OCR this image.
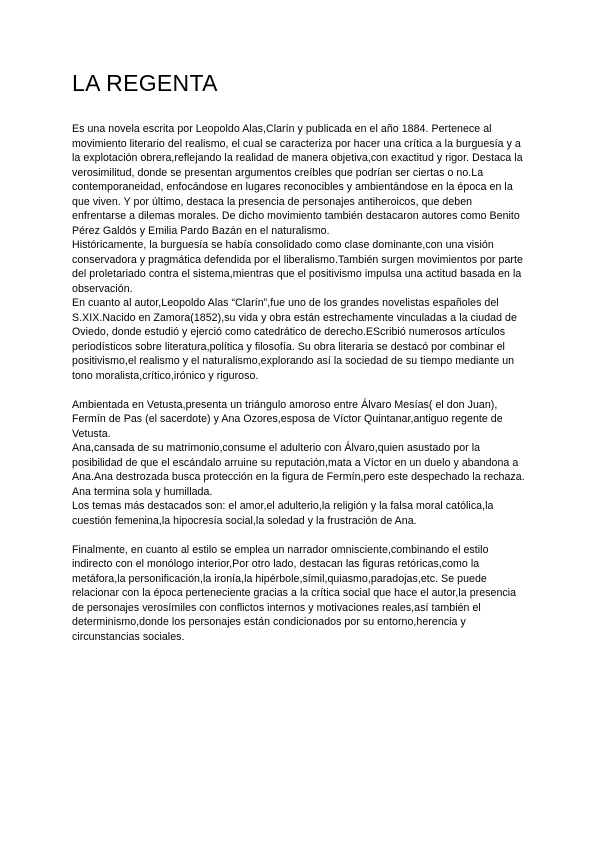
LA REGENTA

Es una novela escrita por Leopoldo Alas,Clarín y publicada en el año 1884. Pertenece al movimiento literario del realismo, el cual se caracteriza por hacer una crítica a la burguesía y a la explotación obrera,reflejando la realidad de manera objetiva,con exactitud y rigor. Destaca la verosimilitud, donde se presentan argumentos creíbles que podrían ser ciertas o no.La contemporaneidad, enfocándose en lugares reconocibles y ambientándose en la época en la que viven. Y por último, destaca la presencia de personajes antiheroicos, que deben enfrentarse a dilemas morales. De dicho movimiento también destacaron autores como Benito Pérez Galdós y Emilia Pardo Bazán en el naturalismo.

Históricamente, la burguesía se había consolidado como clase dominante,con una visión conservadora y pragmática defendida por el liberalismo.También surgen movimientos por parte del proletariado contra el sistema,mientras que el positivismo impulsa una actitud basada en la observación.

En cuanto al autor,Leopoldo Alas “Clarín”,fue uno de los grandes novelistas españoles del S.XIX.Nacido en Zamora(1852),su vida y obra están estrechamente vinculadas a la ciudad de Oviedo, donde estudió y ejerció como catedrático de derecho.EScribió numerosos artículos periodísticos sobre literatura,política y filosofía. Su obra literaria se destacó por combinar el positivismo,el realismo y el naturalismo,explorando así la sociedad de su tiempo mediante un tono moralista,crítico,irónico y riguroso.

Ambientada en Vetusta,presenta un triángulo amoroso entre Álvaro Mesías( el don Juan), Fermín de Pas (el sacerdote) y Ana Ozores,esposa de Víctor Quintanar,antiguo regente de Vetusta.

Ana,cansada de su matrimonio,consume el adulterio con Álvaro,quien asustado por la posibilidad de que el escándalo arruine su reputación,mata a Víctor en un duelo y abandona a Ana.Ana destrozada busca protección en la figura de Fermín,pero este despechado la rechaza. Ana termina sola y humillada.

Los temas más destacados son: el amor,el adulterio,la religión y la falsa moral católica,la cuestión femenina,la hipocresía social,la soledad y la frustración de Ana.

Finalmente, en cuanto al estilo se emplea un narrador omnisciente,combinando el estilo indirecto con el monólogo interior,Por otro lado, destacan las figuras retóricas,como la metáfora,la personificación,la ironía,la hipérbole,símil,quiasmo,paradojas,etc. Se puede relacionar con la época perteneciente gracias a la crítica social que hace el autor,la presencia de personajes verosímiles con conflictos internos y motivaciones reales,así también el determinismo,donde los personajes están condicionados por su entorno,herencia y circunstancias sociales.
